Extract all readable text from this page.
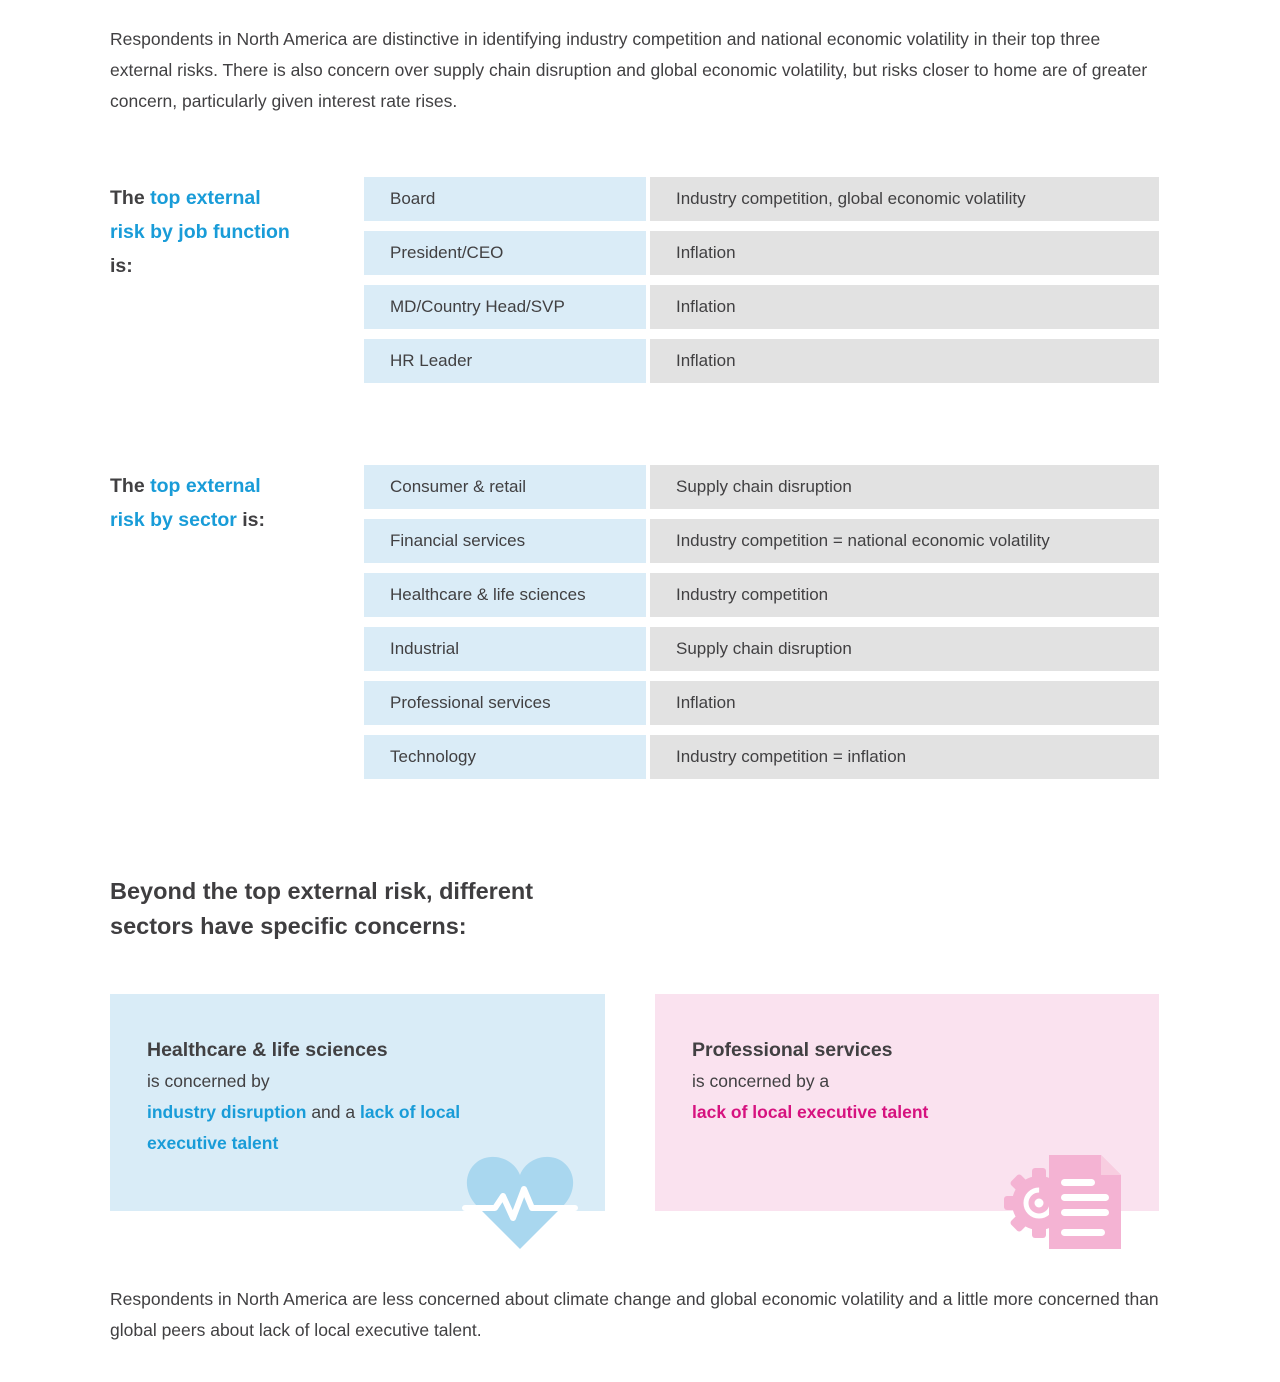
Respondents in North America are distinctive in identifying industry competition and national economic volatility in their top three external risks. There is also concern over supply chain disruption and global economic volatility, but risks closer to home are of greater concern, particularly given interest rate rises.

The top external risk by job function is:
Board	Industry competition, global economic volatility
President/CEO	Inflation
MD/Country Head/SVP	Inflation
HR Leader	Inflation
The top external risk by sector is:
Consumer & retail	Supply chain disruption
Financial services	Industry competition = national economic volatility
Healthcare & life sciences	Industry competition
Industrial	Supply chain disruption
Professional services	Inflation
Technology	Industry competition = inflation
Beyond the top external risk, different
sectors have specific concerns:
Healthcare & life sciences
is concerned by
industry disruption and a lack of local executive talent
Professional services
is concerned by a
lack of local executive talent

Respondents in North America are less concerned about climate change and global economic volatility and a little more concerned than global peers about lack of local executive talent.
